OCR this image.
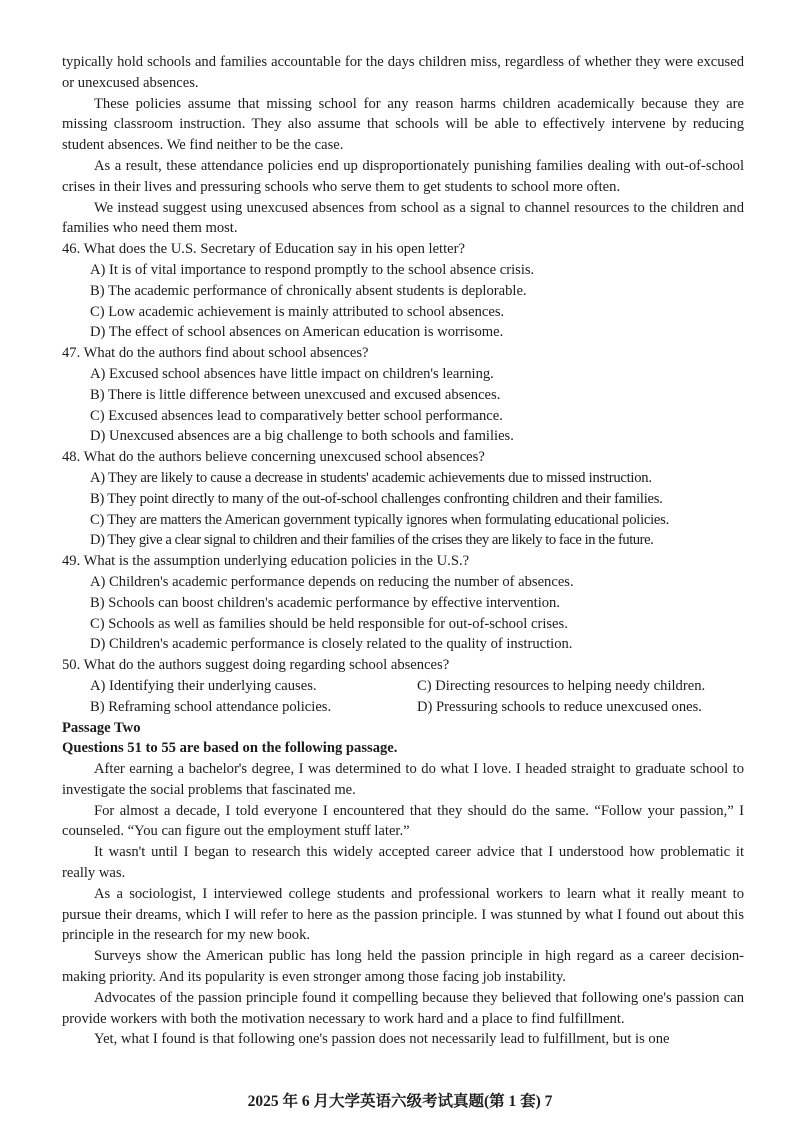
typically hold schools and families accountable for the days children miss, regardless of whether they were excused or unexcused absences.

These policies assume that missing school for any reason harms children academically because they are missing classroom instruction. They also assume that schools will be able to effectively intervene by reducing student absences. We find neither to be the case.

As a result, these attendance policies end up disproportionately punishing families dealing with out-of-school crises in their lives and pressuring schools who serve them to get students to school more often.

We instead suggest using unexcused absences from school as a signal to channel resources to the children and families who need them most.

46. What does the U.S. Secretary of Education say in his open letter?

A) It is of vital importance to respond promptly to the school absence crisis.

B) The academic performance of chronically absent students is deplorable.

C) Low academic achievement is mainly attributed to school absences.

D) The effect of school absences on American education is worrisome.

47. What do the authors find about school absences?

A) Excused school absences have little impact on children's learning.

B) There is little difference between unexcused and excused absences.

C) Excused absences lead to comparatively better school performance.

D) Unexcused absences are a big challenge to both schools and families.

48. What do the authors believe concerning unexcused school absences?

A) They are likely to cause a decrease in students' academic achievements due to missed instruction.

B) They point directly to many of the out-of-school challenges confronting children and their families.

C) They are matters the American government typically ignores when formulating educational policies.

D) They give a clear signal to children and their families of the crises they are likely to face in the future.

49. What is the assumption underlying education policies in the U.S.?

A) Children's academic performance depends on reducing the number of absences.

B) Schools can boost children's academic performance by effective intervention.

C) Schools as well as families should be held responsible for out-of-school crises.

D) Children's academic performance is closely related to the quality of instruction.

50. What do the authors suggest doing regarding school absences?

A) Identifying their underlying causes.	C) Directing resources to helping needy children.
B) Reframing school attendance policies.	D) Pressuring schools to reduce unexcused ones.

Passage Two

Questions 51 to 55 are based on the following passage.

After earning a bachelor's degree, I was determined to do what I love. I headed straight to graduate school to investigate the social problems that fascinated me.

For almost a decade, I told everyone I encountered that they should do the same. “Follow your passion,” I counseled. “You can figure out the employment stuff later.”

It wasn't until I began to research this widely accepted career advice that I understood how problematic it really was.

As a sociologist, I interviewed college students and professional workers to learn what it really meant to pursue their dreams, which I will refer to here as the passion principle. I was stunned by what I found out about this principle in the research for my new book.

Surveys show the American public has long held the passion principle in high regard as a career decision-making priority. And its popularity is even stronger among those facing job instability.

Advocates of the passion principle found it compelling because they believed that following one's passion can provide workers with both the motivation necessary to work hard and a place to find fulfillment.

Yet, what I found is that following one's passion does not necessarily lead to fulfillment, but is one

2025 年 6 月大学英语六级考试真题(第 1 套) 7
